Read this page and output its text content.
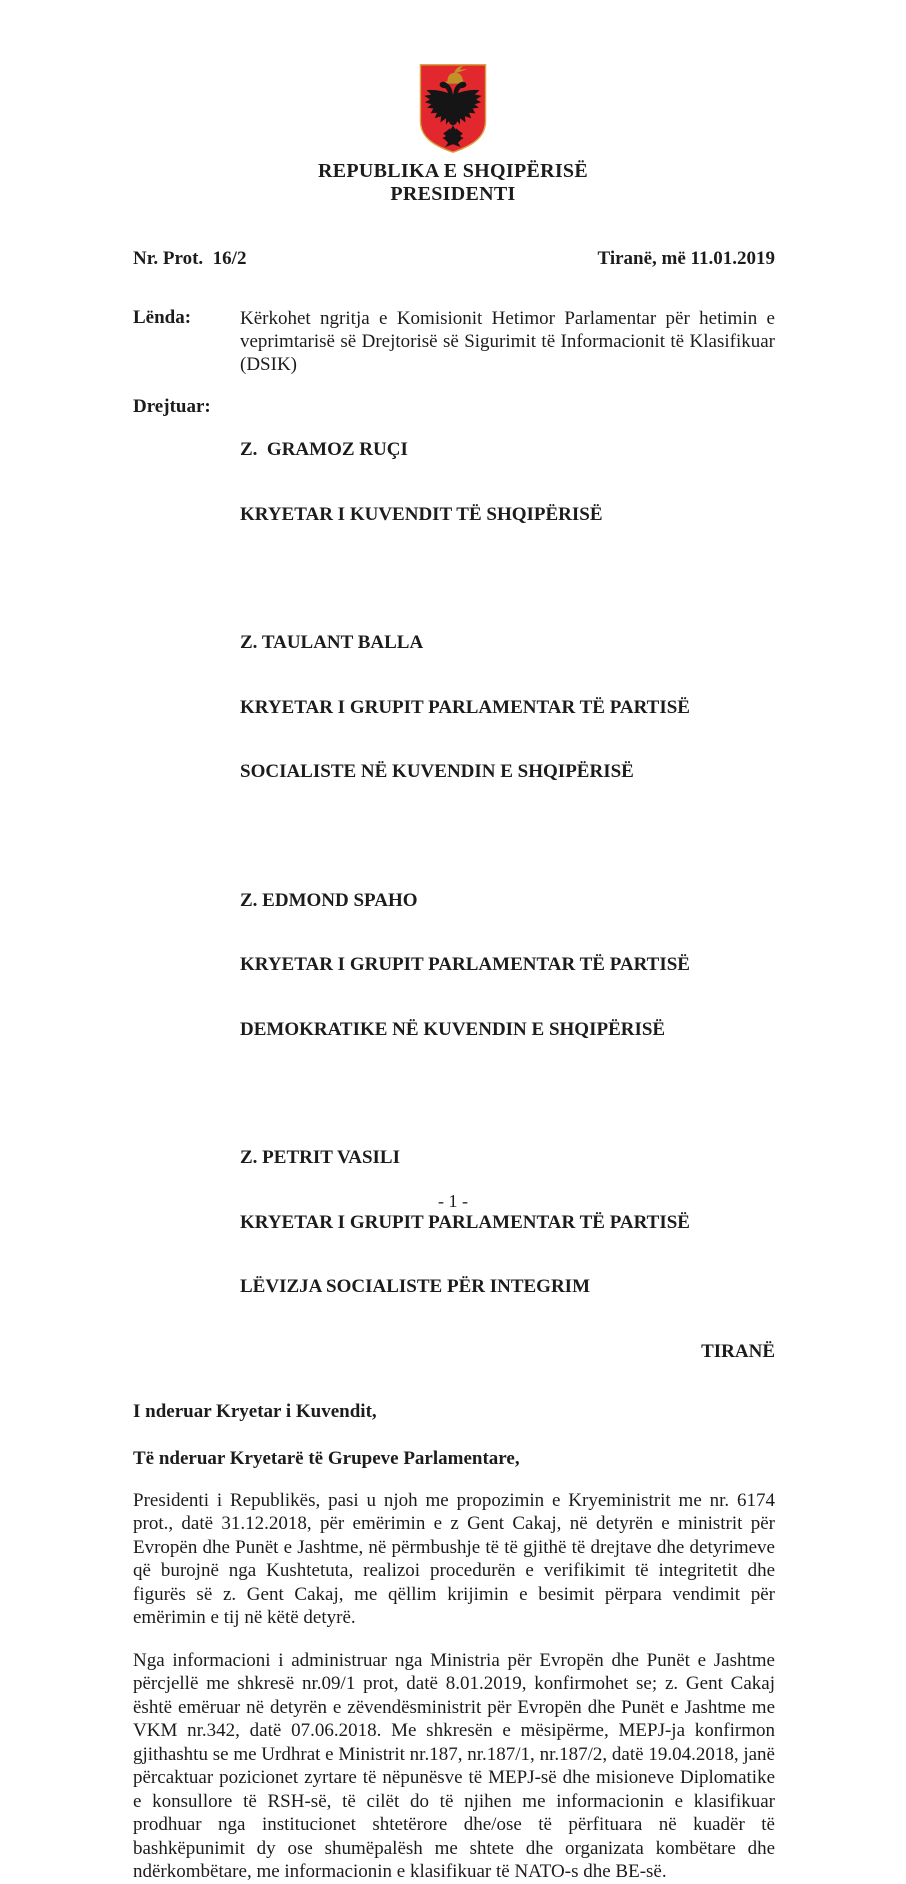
REPUBLIKA E SHQIPËRISË
PRESIDENTI
Nr. Prot.  16/2	Tiranë, më 11.01.2019
Lënda:	Kërkohet ngritja e Komisionit Hetimor Parlamentar për hetimin e veprimtarisë së Drejtorisë së Sigurimit të Informacionit të Klasifikuar (DSIK)
Drejtuar:

Z.  GRAMOZ RUÇI

KRYETAR I KUVENDIT TË SHQIPËRISË

Z. TAULANT BALLA

KRYETAR I GRUPIT PARLAMENTAR TË PARTISË

SOCIALISTE NË KUVENDIN E SHQIPËRISË

Z. EDMOND SPAHO

KRYETAR I GRUPIT PARLAMENTAR TË PARTISË

DEMOKRATIKE NË KUVENDIN E SHQIPËRISË

Z. PETRIT VASILI

KRYETAR I GRUPIT PARLAMENTAR TË PARTISË

LËVIZJA SOCIALISTE PËR INTEGRIM

TIRANË
I nderuar Kryetar i Kuvendit,
Të nderuar Kryetarë të Grupeve Parlamentare,

Presidenti i Republikës, pasi u njoh me propozimin e Kryeministrit me nr. 6174 prot., datë 31.12.2018, për emërimin e z Gent Cakaj, në detyrën e ministrit për Evropën dhe Punët e Jashtme, në përmbushje të të gjithë të drejtave dhe detyrimeve që burojnë nga Kushtetuta, realizoi procedurën e verifikimit të integritetit dhe figurës së z. Gent Cakaj, me qëllim krijimin e besimit përpara vendimit për emërimin e tij në këtë detyrë.

Nga informacioni i administruar nga Ministria për Evropën dhe Punët e Jashtme përcjellë me shkresë nr.09/1 prot, datë 8.01.2019, konfirmohet se; z. Gent Cakaj është emëruar në detyrën e zëvendësministrit për Evropën dhe Punët e Jashtme me VKM nr.342, datë 07.06.2018. Me shkresën e mësipërme, MEPJ-ja konfirmon gjithashtu se me Urdhrat e Ministrit nr.187, nr.187/1, nr.187/2, datë 19.04.2018, janë përcaktuar pozicionet zyrtare të nëpunësve të MEPJ-së dhe misioneve Diplomatike e konsullore të RSH-së, të cilët do të njihen me informacionin e klasifikuar prodhuar nga institucionet shtetërore dhe/ose të përfituara në kuadër të bashkëpunimit dy ose shumëpalësh me shtete dhe organizata kombëtare dhe ndërkombëtare, me informacionin e klasifikuar të NATO-s dhe BE-së.

- 1 -
